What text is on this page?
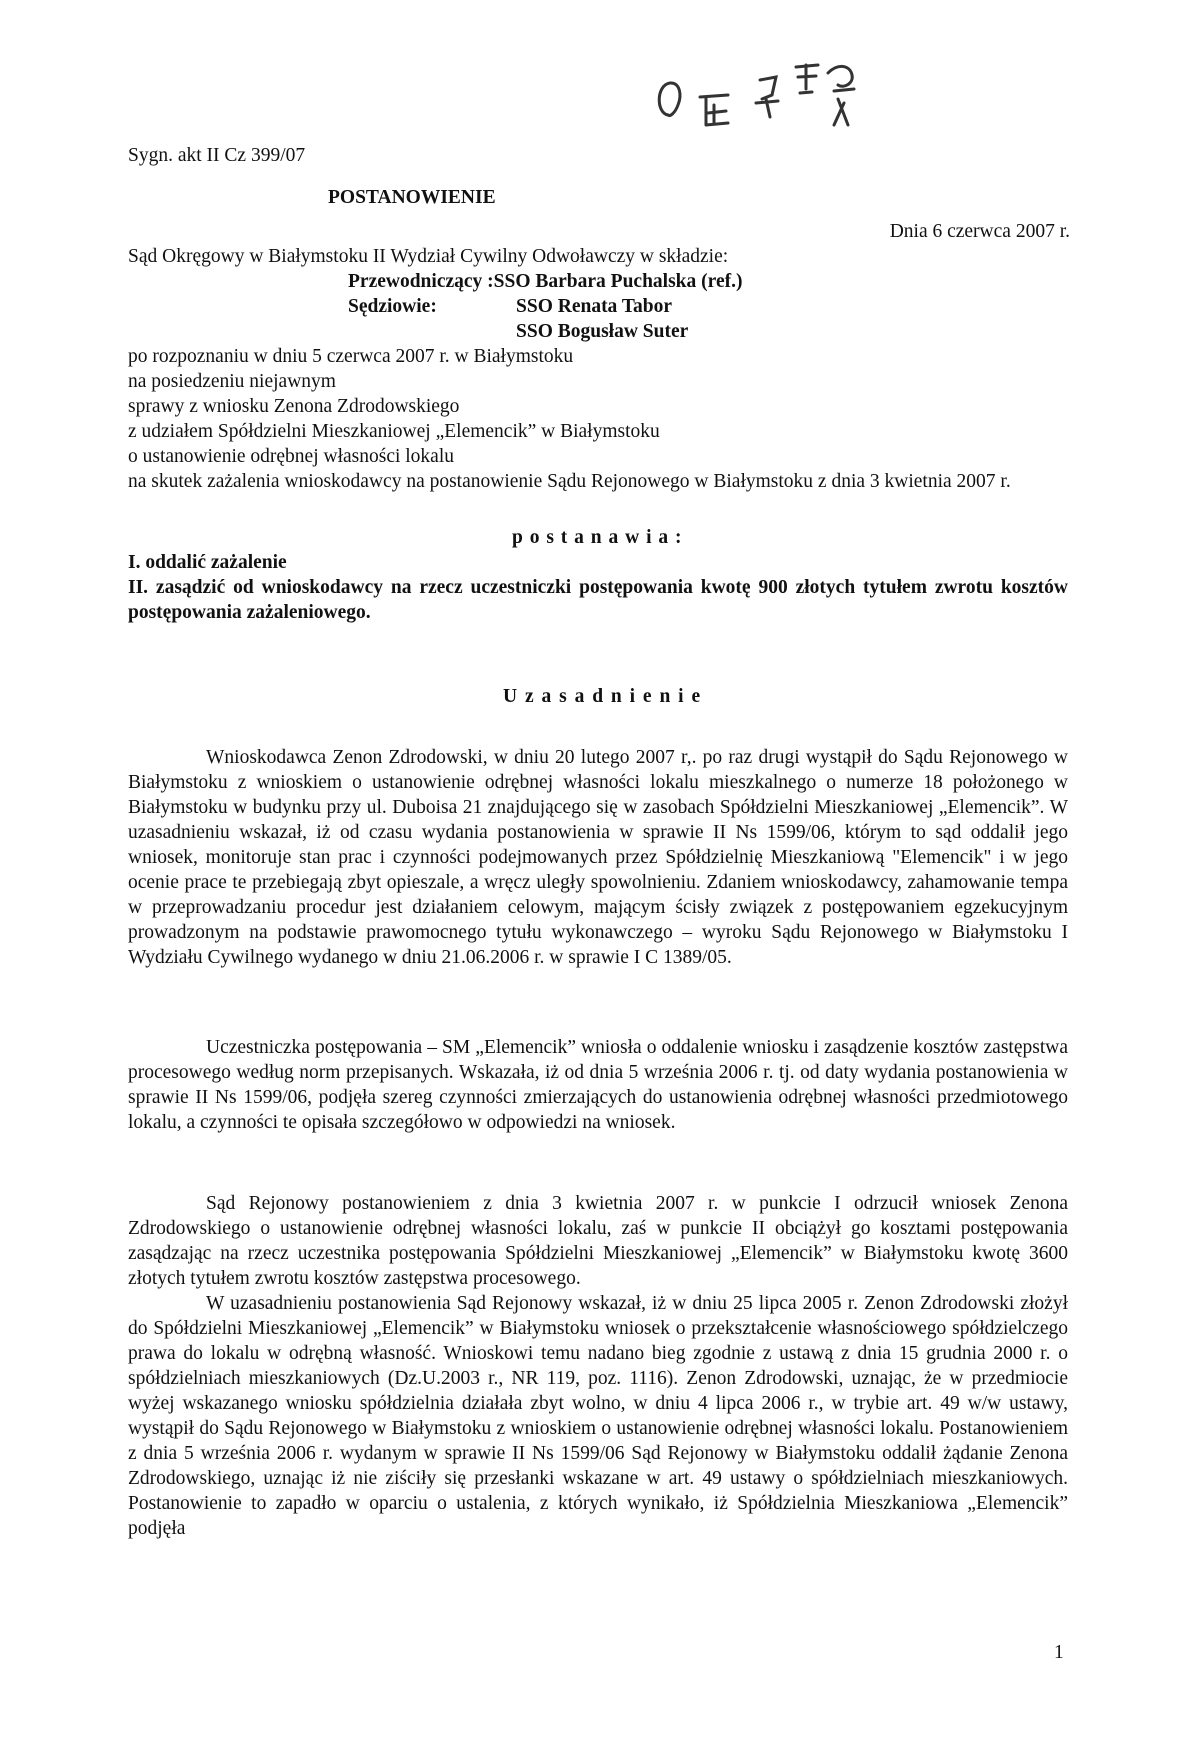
Sygn. akt II Cz 399/07
POSTANOWIENIE
Dnia 6 czerwca 2007 r.
Sąd Okręgowy w Białymstoku II Wydział Cywilny Odwoławczy w składzie:
Przewodniczący :SSO Barbara Puchalska (ref.)
Sędziowie:	SSO Renata Tabor
SSO Bogusław Suter
po rozpoznaniu w dniu 5 czerwca 2007 r. w Białymstoku
na posiedzeniu niejawnym
sprawy z wniosku Zenona Zdrodowskiego
z udziałem Spółdzielni Mieszkaniowej „Elemencik” w Białymstoku
o ustanowienie odrębnej własności lokalu

na skutek zażalenia wnioskodawcy na postanowienie Sądu Rejonowego w Białymstoku z dnia 3 kwietnia 2007 r.

p o s t a n a w i a :
I. oddalić zażalenie

II. zasądzić od wnioskodawcy na rzecz uczestniczki postępowania kwotę 900 złotych tytułem zwrotu kosztów postępowania zażaleniowego.

U z a s a d n i e n i e

Wnioskodawca Zenon Zdrodowski, w dniu 20 lutego 2007 r,. po raz drugi wystąpił do Sądu Rejonowego w Białymstoku z wnioskiem o ustanowienie odrębnej własności lokalu mieszkalnego o numerze 18 położonego w Białymstoku w budynku przy ul. Duboisa 21 znajdującego się w zasobach Spółdzielni Mieszkaniowej „Elemencik”. W uzasadnieniu wskazał, iż od czasu wydania postanowienia w sprawie II Ns 1599/06, którym to sąd oddalił jego wniosek, monitoruje stan prac i czynności podejmowanych przez Spółdzielnię Mieszkaniową "Elemencik" i w jego ocenie prace te przebiegają zbyt opieszale, a wręcz uległy spowolnieniu. Zdaniem wnioskodawcy, zahamowanie tempa w przeprowadzaniu procedur jest działaniem celowym, mającym ścisły związek z postępowaniem egzekucyjnym prowadzonym na podstawie prawomocnego tytułu wykonawczego – wyroku Sądu Rejonowego w Białymstoku I Wydziału Cywilnego wydanego w dniu 21.06.2006 r. w sprawie I C 1389/05.

Uczestniczka postępowania – SM „Elemencik” wniosła o oddalenie wniosku i zasądzenie kosztów zastępstwa procesowego według norm przepisanych. Wskazała, iż od dnia 5 września 2006 r. tj. od daty wydania postanowienia w sprawie II Ns 1599/06, podjęła szereg czynności zmierzających do ustanowienia odrębnej własności przedmiotowego lokalu, a czynności te opisała szczegółowo w odpowiedzi na wniosek.

Sąd Rejonowy postanowieniem z dnia 3 kwietnia 2007 r. w punkcie I odrzucił wniosek Zenona Zdrodowskiego o ustanowienie odrębnej własności lokalu, zaś w punkcie II obciążył go kosztami postępowania zasądzając na rzecz uczestnika postępowania Spółdzielni Mieszkaniowej „Elemencik” w Białymstoku kwotę 3600 złotych tytułem zwrotu kosztów zastępstwa procesowego.

W uzasadnieniu postanowienia Sąd Rejonowy wskazał, iż w dniu 25 lipca 2005 r. Zenon Zdrodowski złożył do Spółdzielni Mieszkaniowej „Elemencik” w Białymstoku wniosek o przekształcenie własnościowego spółdzielczego prawa do lokalu w odrębną własność. Wnioskowi temu nadano bieg zgodnie z ustawą z dnia 15 grudnia 2000 r. o spółdzielniach mieszkaniowych (Dz.U.2003 r., NR 119, poz. 1116). Zenon Zdrodowski, uznając, że w przedmiocie wyżej wskazanego wniosku spółdzielnia działała zbyt wolno, w dniu 4 lipca 2006 r., w trybie art. 49 w/w ustawy, wystąpił do Sądu Rejonowego w Białymstoku z wnioskiem o ustanowienie odrębnej własności lokalu. Postanowieniem z dnia 5 września 2006 r. wydanym w sprawie II Ns 1599/06 Sąd Rejonowy w Białymstoku oddalił żądanie Zenona Zdrodowskiego, uznając iż nie ziściły się przesłanki wskazane w art. 49 ustawy o spółdzielniach mieszkaniowych. Postanowienie to zapadło w oparciu o ustalenia, z których wynikało, iż Spółdzielnia Mieszkaniowa „Elemencik” podjęła

1
